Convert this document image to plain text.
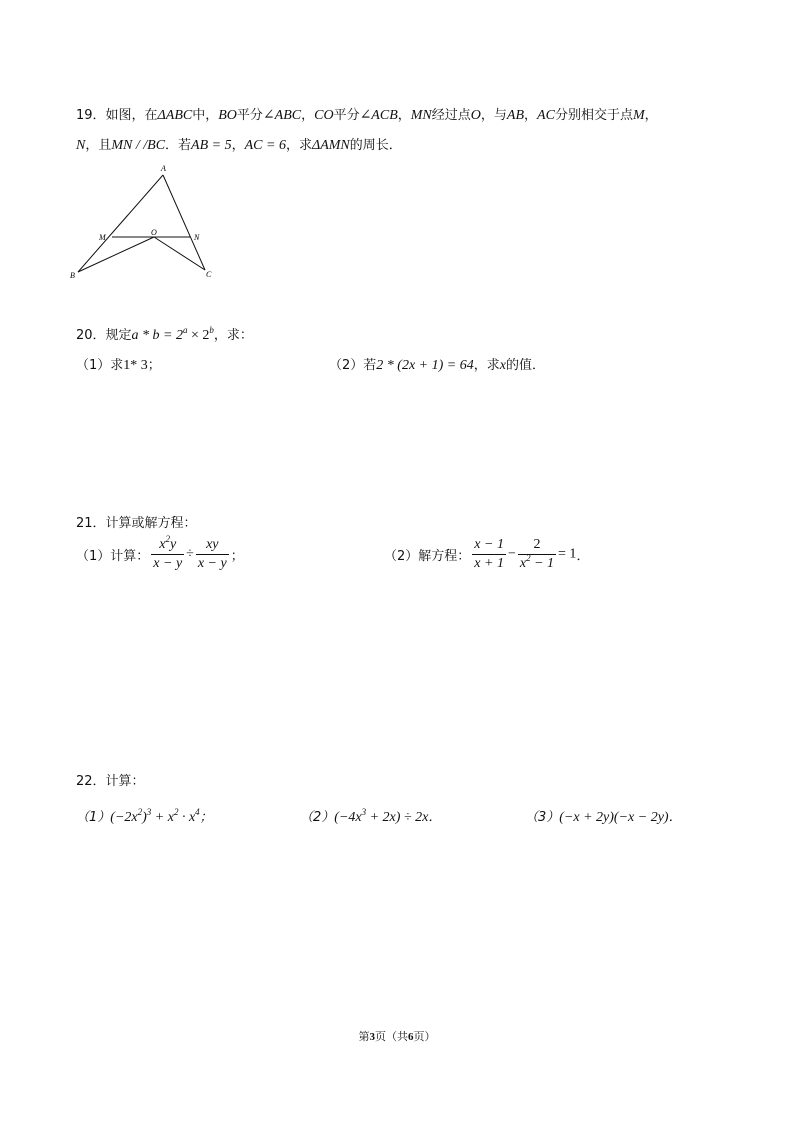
19．如图，在ΔABC中，BO平分∠ABC，CO平分∠ACB，MN经过点O，与AB，AC分别相交于点M，
N，且MN / /BC．若AB = 5，AC = 6，求ΔAMN的周长．
A
B	C
M	N
O
20．规定$a * b = 2^a \times 2^b$，求：
（1）求1* 3；	（2）若2 * (2x + 1) = 64，求x的值．
21．计算或解方程：
（1）计算： $\frac{x^2y}{x - y} \div \frac{xy}{x - y}$ ；	（2）解方程： $\frac{x - 1}{x + 1} - \frac{2}{x^2 - 1} = 1$．
22．计算：
$(1)(-2x^2)^3 + x^2 \cdot x^4$；	$(2)(-4x^3 + 2x) \div 2x$．	（3）(−x + 2y)(−x − 2y)．
第3页（共6页）
